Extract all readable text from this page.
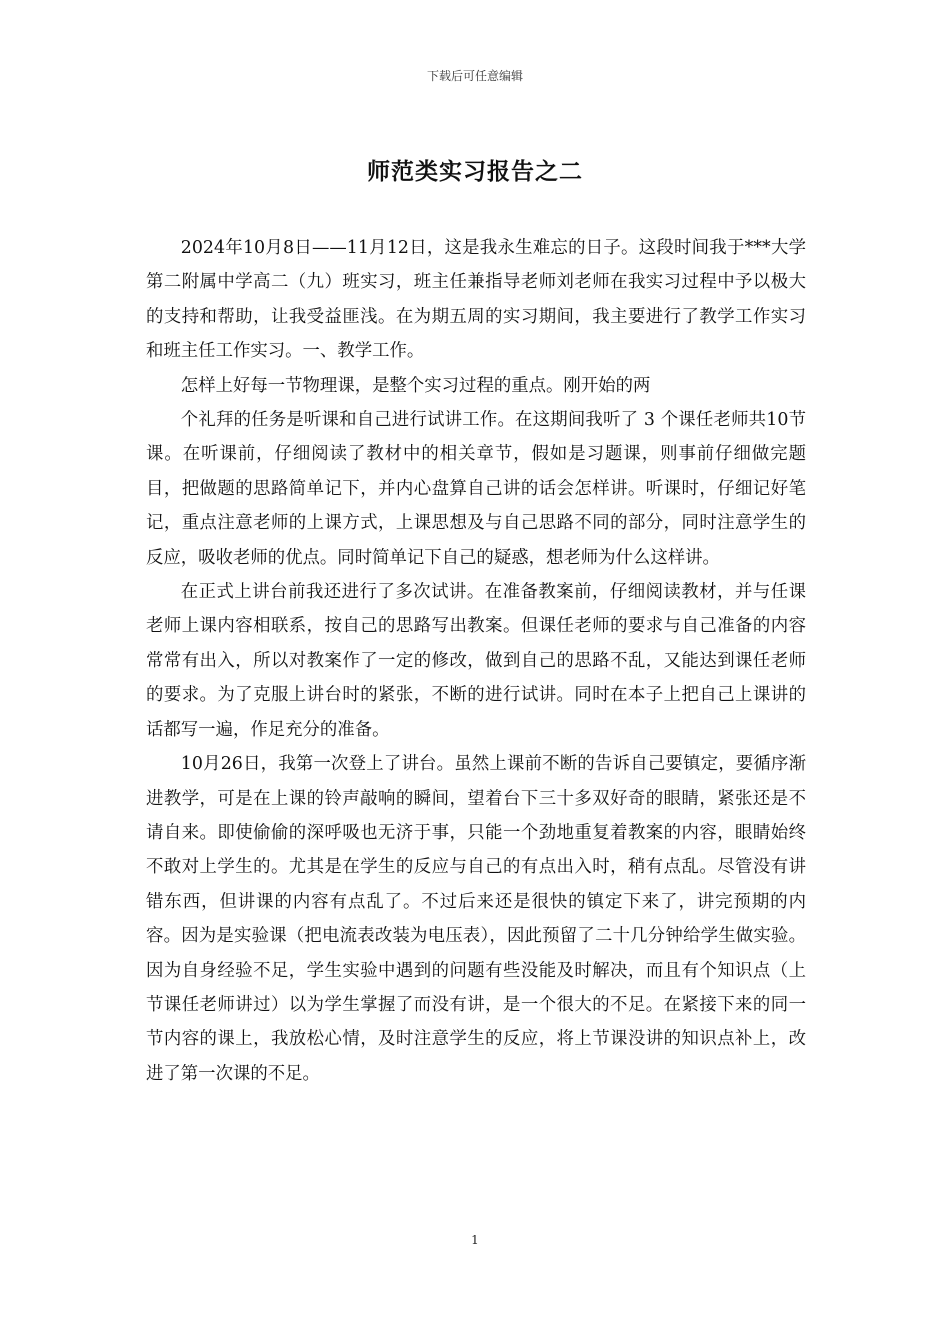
下载后可任意编辑
师范类实习报告之二

2024年10月8日——11月12日，这是我永生难忘的日子。这段时间我于***大学第二附属中学高二（九）班实习，班主任兼指导老师刘老师在我实习过程中予以极大的支持和帮助，让我受益匪浅。在为期五周的实习期间，我主要进行了教学工作实习和班主任工作实习。一、教学工作。

怎样上好每一节物理课，是整个实习过程的重点。刚开始的两

个礼拜的任务是听课和自己进行试讲工作。在这期间我听了 3 个课任老师共10节课。在听课前，仔细阅读了教材中的相关章节，假如是习题课，则事前仔细做完题目，把做题的思路简单记下，并内心盘算自己讲的话会怎样讲。听课时，仔细记好笔记，重点注意老师的上课方式，上课思想及与自己思路不同的部分，同时注意学生的反应，吸收老师的优点。同时简单记下自己的疑惑，想老师为什么这样讲。

在正式上讲台前我还进行了多次试讲。在准备教案前，仔细阅读教材，并与任课老师上课内容相联系，按自己的思路写出教案。但课任老师的要求与自己准备的内容常常有出入，所以对教案作了一定的修改，做到自己的思路不乱，又能达到课任老师的要求。为了克服上讲台时的紧张，不断的进行试讲。同时在本子上把自己上课讲的话都写一遍，作足充分的准备。

10月26日，我第一次登上了讲台。虽然上课前不断的告诉自己要镇定，要循序渐进教学，可是在上课的铃声敲响的瞬间，望着台下三十多双好奇的眼睛，紧张还是不请自来。即使偷偷的深呼吸也无济于事，只能一个劲地重复着教案的内容，眼睛始终不敢对上学生的。尤其是在学生的反应与自己的有点出入时，稍有点乱。尽管没有讲错东西，但讲课的内容有点乱了。不过后来还是很快的镇定下来了，讲完预期的内容。因为是实验课（把电流表改装为电压表），因此预留了二十几分钟给学生做实验。因为自身经验不足，学生实验中遇到的问题有些没能及时解决，而且有个知识点（上节课任老师讲过）以为学生掌握了而没有讲，是一个很大的不足。在紧接下来的同一节内容的课上，我放松心情，及时注意学生的反应，将上节课没讲的知识点补上，改进了第一次课的不足。

1
